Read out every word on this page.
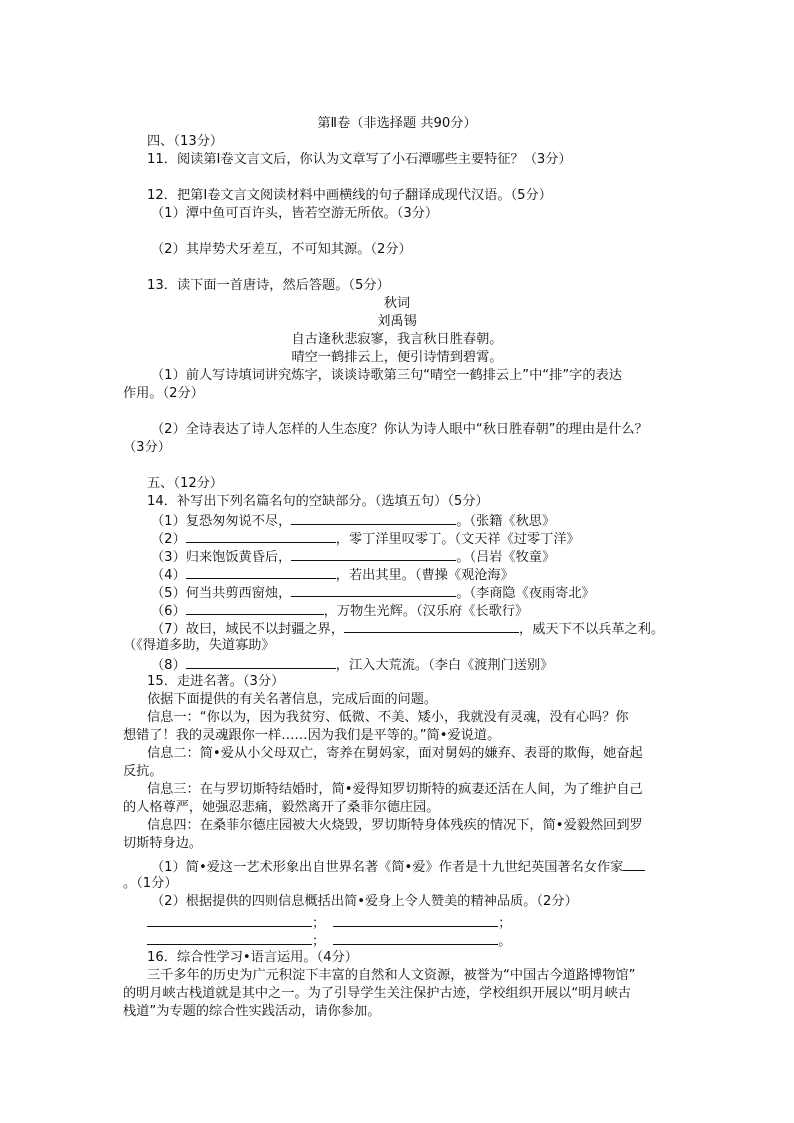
第Ⅱ卷（非选择题 共90分）
四、（13分）
11．阅读第Ⅰ卷文言文后，你认为文章写了小石潭哪些主要特征？（3分）
12．把第Ⅰ卷文言文阅读材料中画横线的句子翻译成现代汉语。（5分）
（1）潭中鱼可百许头，皆若空游无所依。（3分）
（2）其岸势犬牙差互，不可知其源。（2分）
13．读下面一首唐诗，然后答题。（5分）
秋词
刘禹锡
自古逢秋悲寂寥，我言秋日胜春朝。
晴空一鹤排云上，便引诗情到碧霄。
（1）前人写诗填词讲究炼字，谈谈诗歌第三句“晴空一鹤排云上”中“排”字的表达
作用。（2分）
（2）全诗表达了诗人怎样的人生态度？你认为诗人眼中“秋日胜春朝”的理由是什么？
（3分）
五、（12分）
14．补写出下列名篇名句的空缺部分。（选填五句）（5分）
（1）复恐匆匆说不尽，	。（张籍《秋思》
（2）	，零丁洋里叹零丁。（文天祥《过零丁洋》
（3）归来饱饭黄昏后，	。（吕岩《牧童》
（4）	，若出其里。（曹操《观沧海》
（5）何当共剪西窗烛，	。（李商隐《夜雨寄北》
（6）	，万物生光辉。（汉乐府《长歌行》
（7）故曰，域民不以封疆之界，	，威天下不以兵革之利。
（《得道多助，失道寡助》
（8）	，江入大荒流。（李白《渡荆门送别》
15．走进名著。（3分）
依据下面提供的有关名著信息，完成后面的问题。
信息一：“你以为，因为我贫穷、低微、不美、矮小，我就没有灵魂，没有心吗？你
想错了！我的灵魂跟你一样……因为我们是平等的。”简•爱说道。
信息二：简•爱从小父母双亡，寄养在舅妈家，面对舅妈的嫌弃、表哥的欺侮，她奋起
反抗。
信息三：在与罗切斯特结婚时，简•爱得知罗切斯特的疯妻还活在人间，为了维护自己
的人格尊严，她强忍悲痛，毅然离开了桑菲尔德庄园。
信息四：在桑菲尔德庄园被大火烧毁，罗切斯特身体残疾的情况下，简•爱毅然回到罗
切斯特身边。
（1）简•爱这一艺术形象出自世界名著《简•爱》作者是十九世纪英国著名女作家
。（1分）
（2）根据提供的四则信息概括出简•爱身上令人赞美的精神品质。（2分）
；	；
；	。
16．综合性学习•语言运用。（4分）
三千多年的历史为广元积淀下丰富的自然和人文资源，被誉为“中国古今道路博物馆”
的明月峡古栈道就是其中之一。为了引导学生关注保护古迹，学校组织开展以“明月峡古
栈道”为专题的综合性实践活动，请你参加。
